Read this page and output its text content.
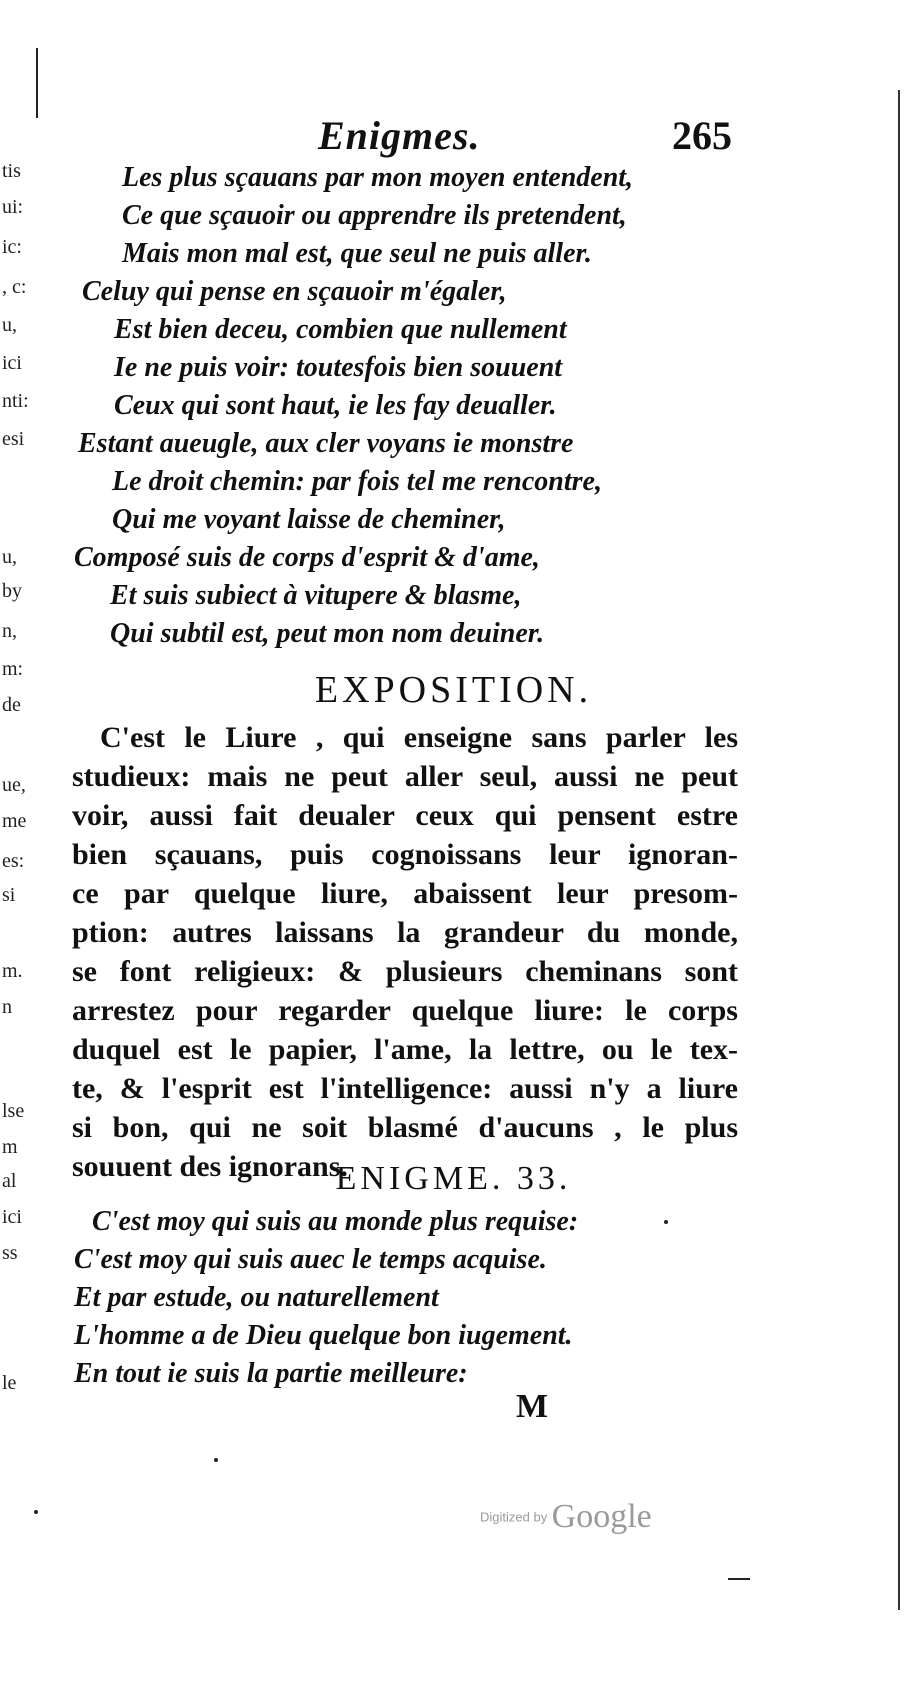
tis
ui:
ic:
, c:
u,
ici
nti:
esi
u,
by
n,
m:
de
ue,
me
es:
si
m.
n
lse
m
al
ici
ss
le
Enigmes.	265
Les plus sçauans par mon moyen entendent,
Ce que sçauoir ou apprendre ils pretendent,
Mais mon mal est, que seul ne puis aller.
Celuy qui pense en sçauoir m'égaler,
Est bien deceu, combien que nullement
Ie ne puis voir: toutesfois bien souuent
Ceux qui sont haut, ie les fay deualler.
Estant aueugle, aux cler voyans ie monstre
Le droit chemin: par fois tel me rencontre,
Qui me voyant laisse de cheminer,
Composé suis de corps d'esprit & d'ame,
Et suis subiect à vitupere & blasme,
Qui subtil est, peut mon nom deuiner.
EXPOSITION.
C'est le Liure , qui enseigne sans parler les
studieux: mais ne peut aller seul, aussi ne peut
voir, aussi fait deualer ceux qui pensent estre
bien sçauans, puis cognoissans leur ignoran-
ce par quelque liure, abaissent leur presom-
ption: autres laissans la grandeur du monde,
se font religieux: & plusieurs cheminans sont
arrestez pour regarder quelque liure: le corps
duquel est le papier, l'ame, la lettre, ou le tex-
te, & l'esprit est l'intelligence: aussi n'y a liure
si bon, qui ne soit blasmé d'aucuns , le plus
souuent des ignorans.
ENIGME. 33.
C'est moy qui suis au monde plus requise:
C'est moy qui suis auec le temps acquise.
Et par estude, ou naturellement
L'homme a de Dieu quelque bon iugement.
En tout ie suis la partie meilleure:
M
Digitized by Google
